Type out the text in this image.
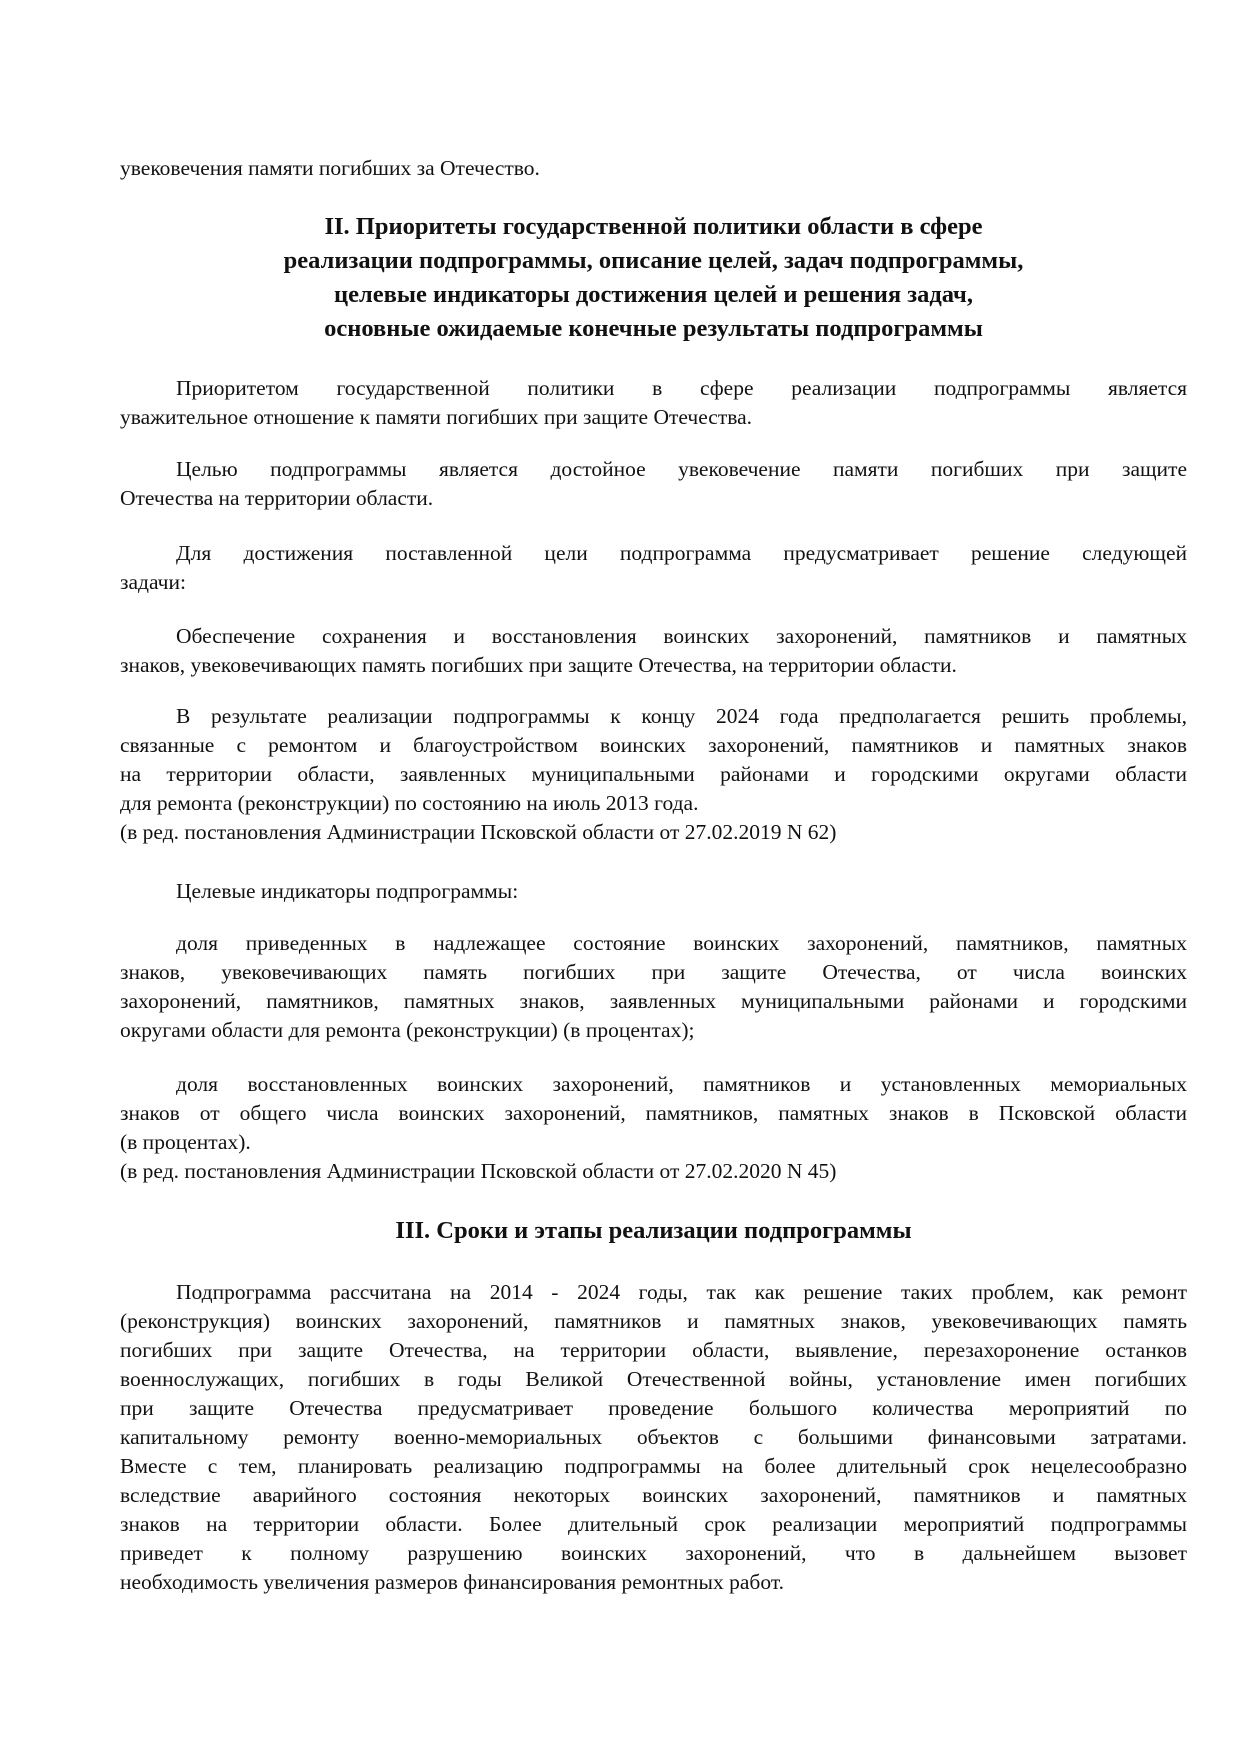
увековечения памяти погибших за Отечество.
II. Приоритеты государственной политики области в сфере
реализации подпрограммы, описание целей, задач подпрограммы,
целевые индикаторы достижения целей и решения задач,
основные ожидаемые конечные результаты подпрограммы
Приоритетом государственной политики в сфере реализации подпрограммы является
уважительное отношение к памяти погибших при защите Отечества.
Целью подпрограммы является достойное увековечение памяти погибших при защите
Отечества на территории области.
Для достижения поставленной цели подпрограмма предусматривает решение следующей
задачи:
Обеспечение сохранения и восстановления воинских захоронений, памятников и памятных
знаков, увековечивающих память погибших при защите Отечества, на территории области.
В результате реализации подпрограммы к концу 2024 года предполагается решить проблемы,
связанные с ремонтом и благоустройством воинских захоронений, памятников и памятных знаков
на территории области, заявленных муниципальными районами и городскими округами области
для ремонта (реконструкции) по состоянию на июль 2013 года.
(в ред. постановления Администрации Псковской области от 27.02.2019 N 62)
Целевые индикаторы подпрограммы:
доля приведенных в надлежащее состояние воинских захоронений, памятников, памятных
знаков, увековечивающих память погибших при защите Отечества, от числа воинских
захоронений, памятников, памятных знаков, заявленных муниципальными районами и городскими
округами области для ремонта (реконструкции) (в процентах);
доля восстановленных воинских захоронений, памятников и установленных мемориальных
знаков от общего числа воинских захоронений, памятников, памятных знаков в Псковской области
(в процентах).
(в ред. постановления Администрации Псковской области от 27.02.2020 N 45)
III. Сроки и этапы реализации подпрограммы
Подпрограмма рассчитана на 2014 - 2024 годы, так как решение таких проблем, как ремонт
(реконструкция) воинских захоронений, памятников и памятных знаков, увековечивающих память
погибших при защите Отечества, на территории области, выявление, перезахоронение останков
военнослужащих, погибших в годы Великой Отечественной войны, установление имен погибших
при защите Отечества предусматривает проведение большого количества мероприятий по
капитальному ремонту военно-мемориальных объектов с большими финансовыми затратами.
Вместе с тем, планировать реализацию подпрограммы на более длительный срок нецелесообразно
вследствие аварийного состояния некоторых воинских захоронений, памятников и памятных
знаков на территории области. Более длительный срок реализации мероприятий подпрограммы
приведет к полному разрушению воинских захоронений, что в дальнейшем вызовет
необходимость увеличения размеров финансирования ремонтных работ.
